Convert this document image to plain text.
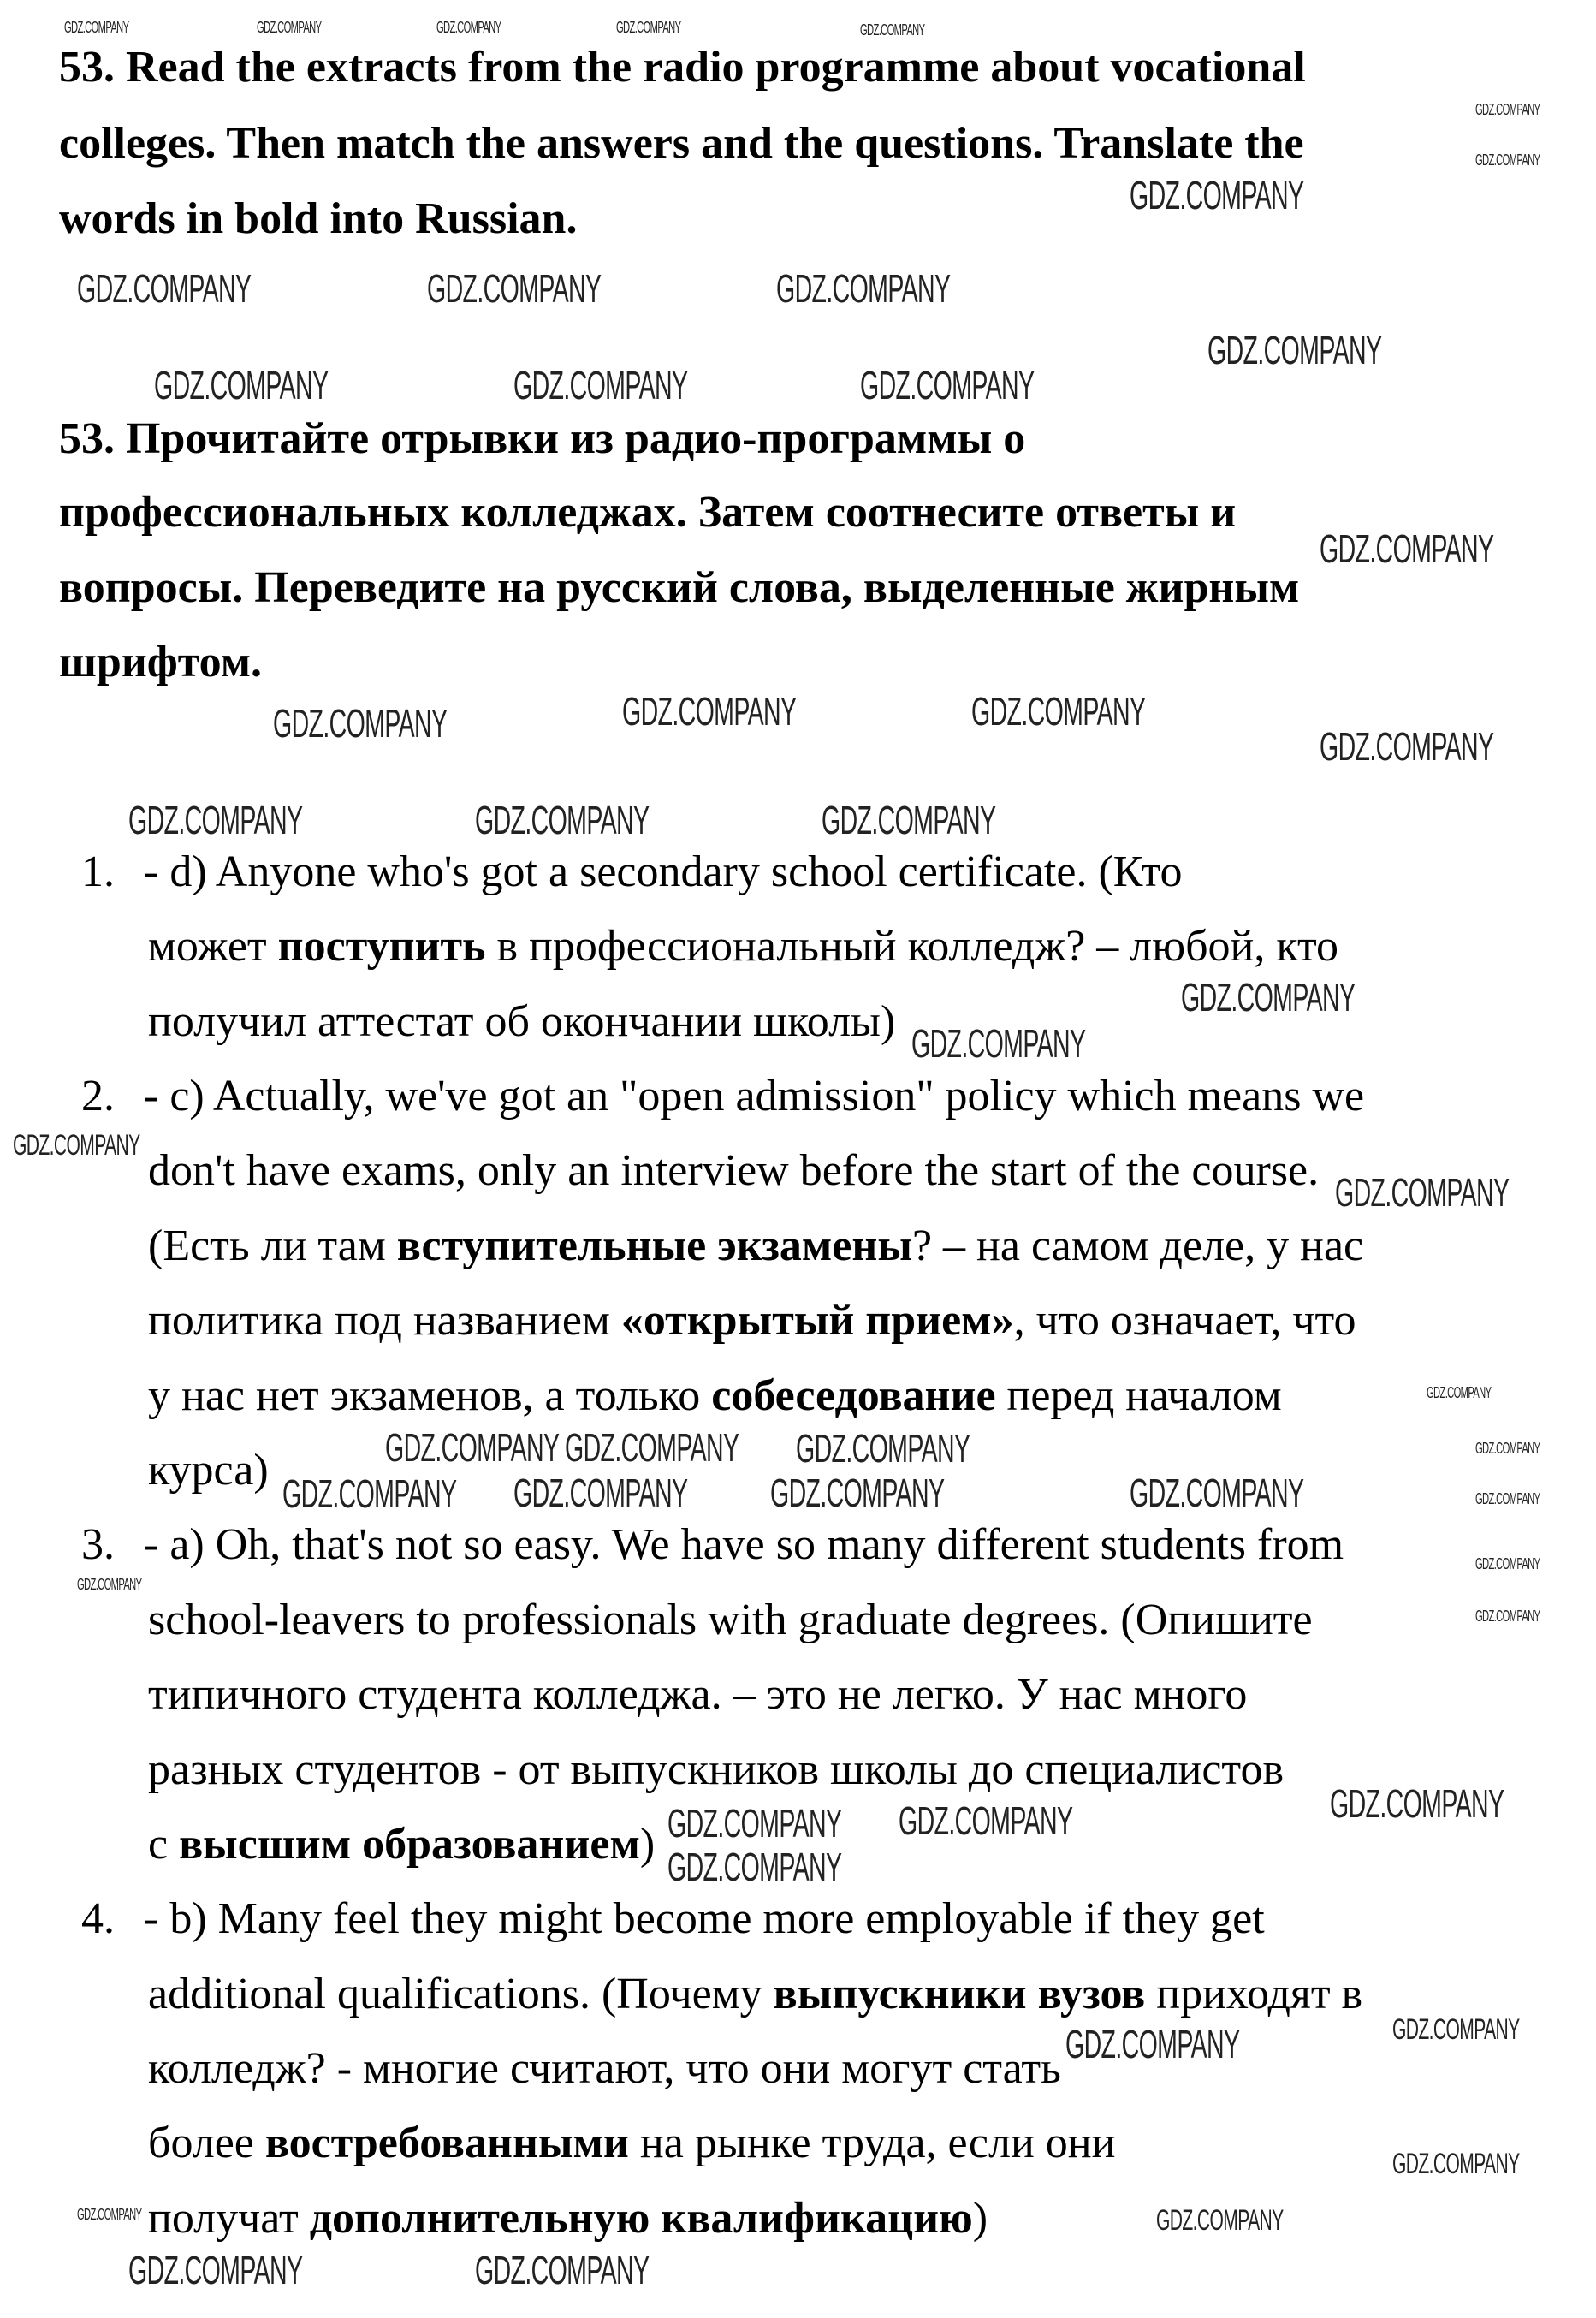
53. Read the extracts from the radio programme about vocational
colleges. Then match the answers and the questions. Translate the
words in bold into Russian.
53. Прочитайте отрывки из радио-программы о
профессиональных колледжах. Затем соотнесите ответы и
вопросы. Переведите на русский слова, выделенные жирным
шрифтом.
1. - d) Anyone who's got a secondary school certificate. (Кто
может поступить в профессиональный колледж? – любой, кто
получил аттестат об окончании школы)
2. - c) Actually, we've got an "open admission" policy which means we
don't have exams, only an interview before the start of the course.
(Есть ли там вступительные экзамены? – на самом деле, у нас
политика под названием «открытый прием», что означает, что
у нас нет экзаменов, а только собеседование перед началом
курса)
3. - a) Oh, that's not so easy. We have so many different students from
school-leavers to professionals with graduate degrees. (Опишите
типичного студента колледжа. – это не легко. У нас много
разных студентов - от выпускников школы до специалистов
с высшим образованием)
4. - b) Many feel they might become more employable if they get
additional qualifications. (Почему выпускники вузов приходят в
колледж? - многие считают, что они могут стать
более востребованными на рынке труда, если они
получат дополнительную квалификацию)
GDZ.COMPANY
GDZ.COMPANY	GDZ.COMPANY	GDZ.COMPANY
GDZ.COMPANY
GDZ.COMPANY	GDZ.COMPANY	GDZ.COMPANY
GDZ.COMPANY
GDZ.COMPANY	GDZ.COMPANY	GDZ.COMPANY
GDZ.COMPANY
GDZ.COMPANY	GDZ.COMPANY	GDZ.COMPANY
GDZ.COMPANY
GDZ.COMPANY
GDZ.COMPANY
GDZ.COMPANY
GDZ.COMPANY
GDZ.COMPANY
GDZ.COMPANY GDZ.COMPANY
GDZ.COMPANY GDZ.COMPANY	GDZ.COMPANY
GDZ.COMPANY
GDZ.COMPANY
GDZ.COMPANY	GDZ.COMPANY
GDZ.COMPANY	GDZ.COMPANY
GDZ.COMPANY	GDZ.COMPANY
GDZ.COMPANY
GDZ.COMPANY
GDZ.COMPANY	GDZ.COMPANY	GDZ.COMPANY	GDZ.COMPANY	GDZ.COMPANY
GDZ.COMPANY
GDZ.COMPANY
GDZ.COMPANY
GDZ.COMPANY
GDZ.COMPANY
GDZ.COMPANY
GDZ.COMPANY
GDZ.COMPANY
GDZ.COMPANY
